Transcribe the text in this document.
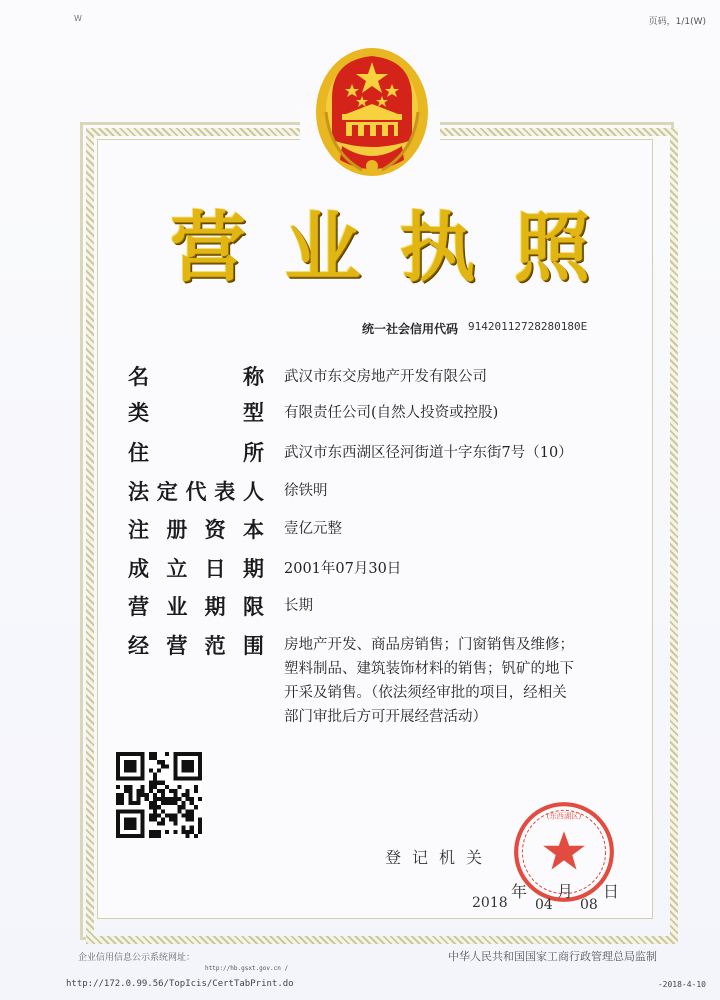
W	页码，1/1(W)
营 业 执 照
统一社会信用代码 91420112728280180E
名	称 武汉市东交房地产开发有限公司
类	型 有限责任公司(自然人投资或控股)
住	所 武汉市东西湖区径河街道十字东街7号（10）
法 定 代 表 人 徐铁明
注 册 资 本 壹亿元整
成 立 日 期 2001年07月30日
营 业 期 限 长期
经 营 范 围 房地产开发、商品房销售；门窗销售及维修；
塑料制品、建筑装饰材料的销售；钒矿的地下
开采及销售。（依法须经审批的项目，经相关
部门审批后方可开展经营活动）
登记机关
(东西湖区)
年 月 日
2018 04 08
企业信用信息公示系统网址：	中华人民共和国国家工商行政管理总局监制
http://hb.gsxt.gov.cn /
http://172.0.99.56/TopIcis/CertTabPrint.do	-2018-4-10
